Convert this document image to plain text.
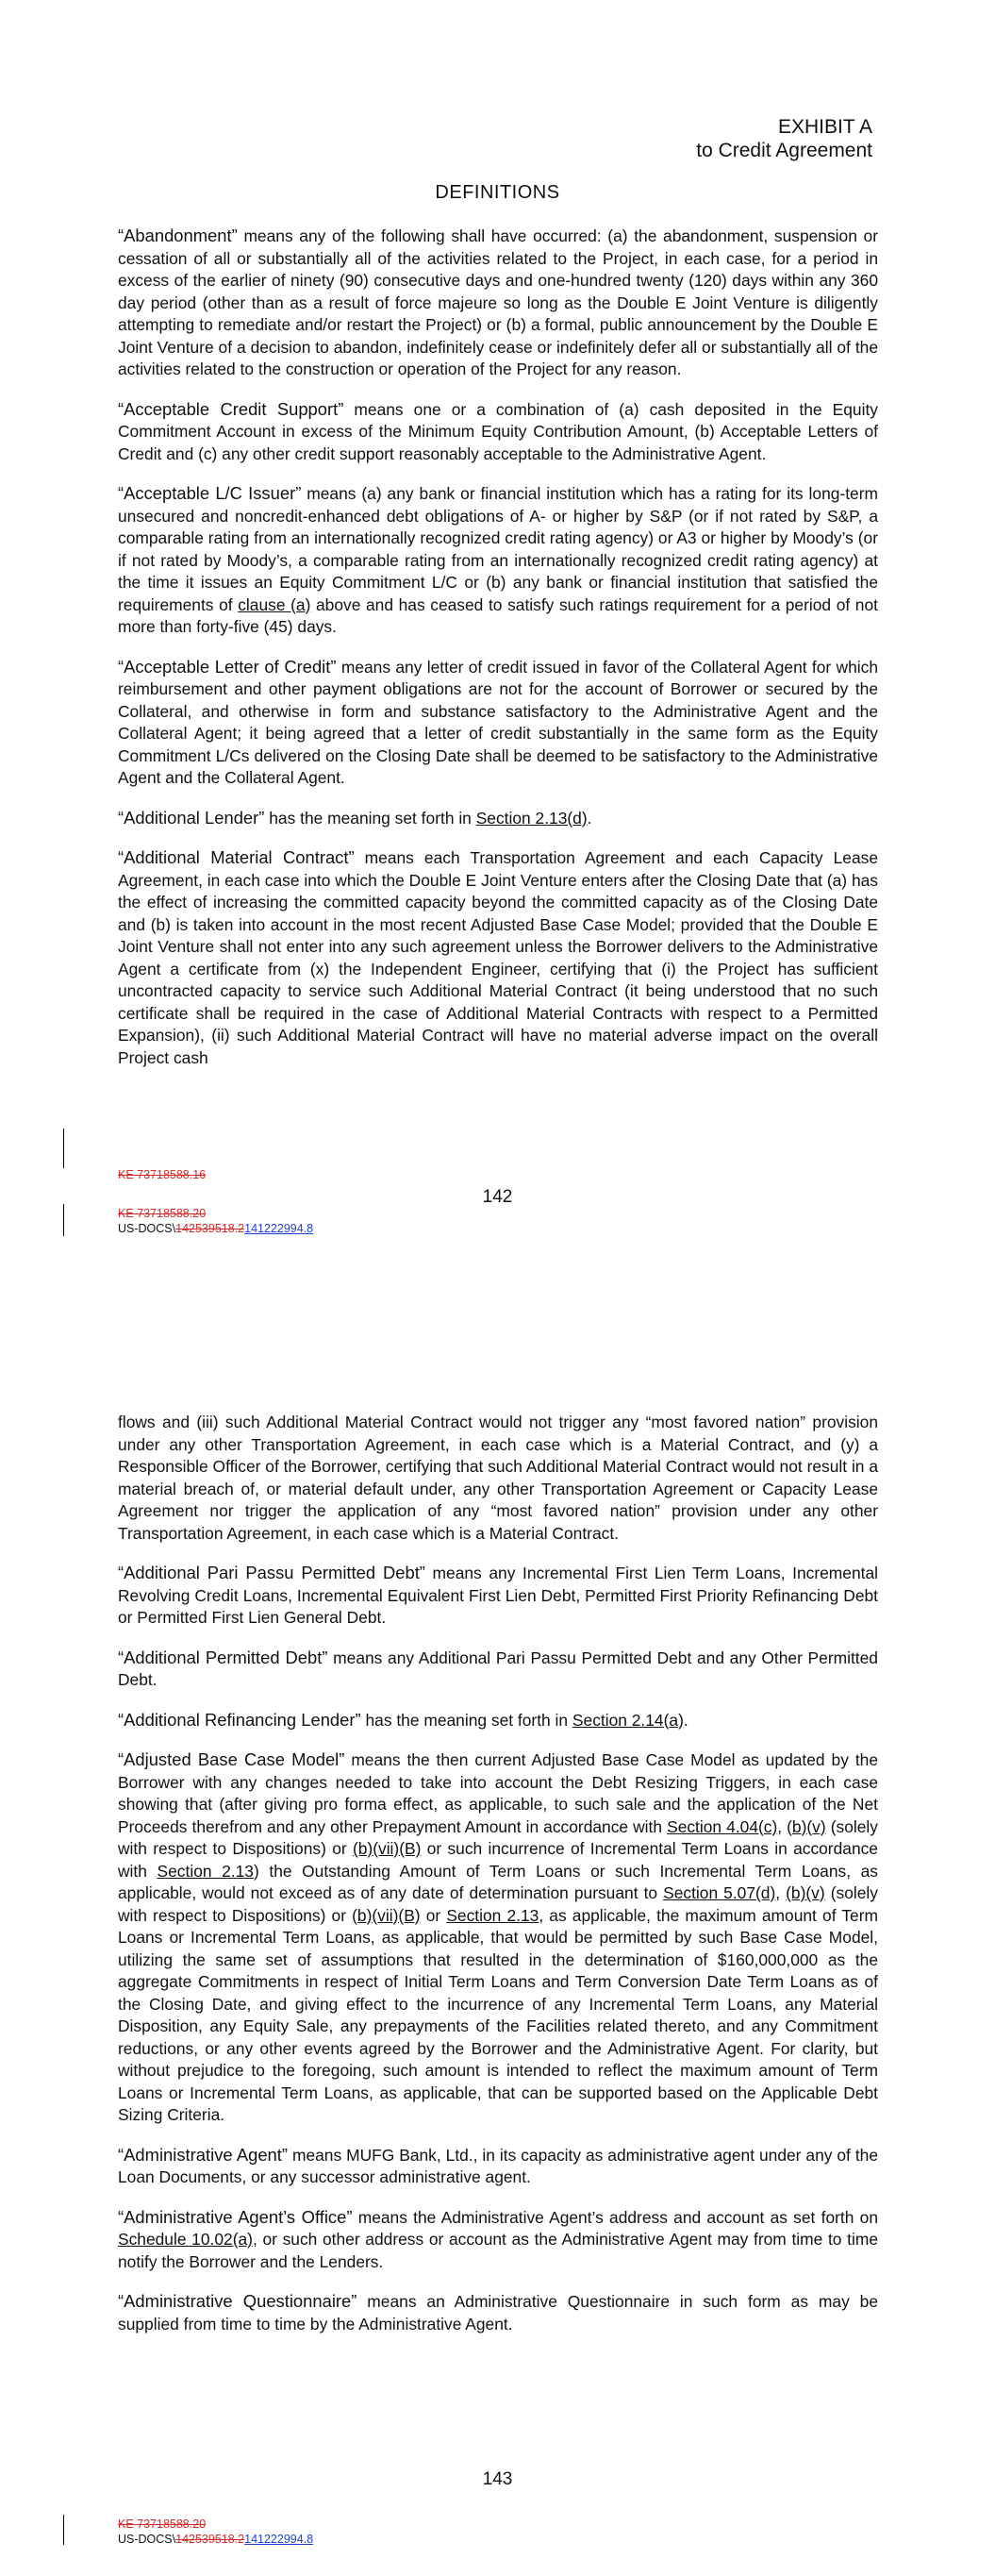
EXHIBIT A
to Credit Agreement
DEFINITIONS

“Abandonment” means any of the following shall have occurred: (a) the abandonment, suspension or cessation of all or substantially all of the activities related to the Project, in each case, for a period in excess of the earlier of ninety (90) consecutive days and one-hundred twenty (120) days within any 360 day period (other than as a result of force majeure so long as the Double E Joint Venture is diligently attempting to remediate and/or restart the Project) or (b) a formal, public announcement by the Double E Joint Venture of a decision to abandon, indefinitely cease or indefinitely defer all or substantially all of the activities related to the construction or operation of the Project for any reason.

“Acceptable Credit Support” means one or a combination of (a) cash deposited in the Equity Commitment Account in excess of the Minimum Equity Contribution Amount, (b) Acceptable Letters of Credit and (c) any other credit support reasonably acceptable to the Administrative Agent.

“Acceptable L/C Issuer” means (a) any bank or financial institution which has a rating for its long-term unsecured and noncredit-enhanced debt obligations of A- or higher by S&P (or if not rated by S&P, a comparable rating from an internationally recognized credit rating agency) or A3 or higher by Moody’s (or if not rated by Moody’s, a comparable rating from an internationally recognized credit rating agency) at the time it issues an Equity Commitment L/C or (b) any bank or financial institution that satisfied the requirements of clause (a) above and has ceased to satisfy such ratings requirement for a period of not more than forty-five (45) days.

“Acceptable Letter of Credit” means any letter of credit issued in favor of the Collateral Agent for which reimbursement and other payment obligations are not for the account of Borrower or secured by the Collateral, and otherwise in form and substance satisfactory to the Administrative Agent and the Collateral Agent; it being agreed that a letter of credit substantially in the same form as the Equity Commitment L/Cs delivered on the Closing Date shall be deemed to be satisfactory to the Administrative Agent and the Collateral Agent.

“Additional Lender” has the meaning set forth in Section 2.13(d).

“Additional Material Contract” means each Transportation Agreement and each Capacity Lease Agreement, in each case into which the Double E Joint Venture enters after the Closing Date that (a) has the effect of increasing the committed capacity beyond the committed capacity as of the Closing Date and (b) is taken into account in the most recent Adjusted Base Case Model; provided that the Double E Joint Venture shall not enter into any such agreement unless the Borrower delivers to the Administrative Agent a certificate from (x) the Independent Engineer, certifying that (i) the Project has sufficient uncontracted capacity to service such Additional Material Contract (it being understood that no such certificate shall be required in the case of Additional Material Contracts with respect to a Permitted Expansion), (ii) such Additional Material Contract will have no material adverse impact on the overall Project cash

KE 73718588.16
142
KE 73718588.20
US-DOCS\142539518.2141222994.8

flows and (iii) such Additional Material Contract would not trigger any “most favored nation” provision under any other Transportation Agreement, in each case which is a Material Contract, and (y) a Responsible Officer of the Borrower, certifying that such Additional Material Contract would not result in a material breach of, or material default under, any other Transportation Agreement or Capacity Lease Agreement nor trigger the application of any “most favored nation” provision under any other Transportation Agreement, in each case which is a Material Contract.

“Additional Pari Passu Permitted Debt” means any Incremental First Lien Term Loans, Incremental Revolving Credit Loans, Incremental Equivalent First Lien Debt, Permitted First Priority Refinancing Debt or Permitted First Lien General Debt.

“Additional Permitted Debt” means any Additional Pari Passu Permitted Debt and any Other Permitted Debt.

“Additional Refinancing Lender” has the meaning set forth in Section 2.14(a).

“Adjusted Base Case Model” means the then current Adjusted Base Case Model as updated by the Borrower with any changes needed to take into account the Debt Resizing Triggers, in each case showing that (after giving pro forma effect, as applicable, to such sale and the application of the Net Proceeds therefrom and any other Prepayment Amount in accordance with Section 4.04(c), (b)(v) (solely with respect to Dispositions) or (b)(vii)(B) or such incurrence of Incremental Term Loans in accordance with Section 2.13) the Outstanding Amount of Term Loans or such Incremental Term Loans, as applicable, would not exceed as of any date of determination pursuant to Section 5.07(d), (b)(v) (solely with respect to Dispositions) or (b)(vii)(B) or Section 2.13, as applicable, the maximum amount of Term Loans or Incremental Term Loans, as applicable, that would be permitted by such Base Case Model, utilizing the same set of assumptions that resulted in the determination of $160,000,000 as the aggregate Commitments in respect of Initial Term Loans and Term Conversion Date Term Loans as of the Closing Date, and giving effect to the incurrence of any Incremental Term Loans, any Material Disposition, any Equity Sale, any prepayments of the Facilities related thereto, and any Commitment reductions, or any other events agreed by the Borrower and the Administrative Agent. For clarity, but without prejudice to the foregoing, such amount is intended to reflect the maximum amount of Term Loans or Incremental Term Loans, as applicable, that can be supported based on the Applicable Debt Sizing Criteria.

“Administrative Agent” means MUFG Bank, Ltd., in its capacity as administrative agent under any of the Loan Documents, or any successor administrative agent.

“Administrative Agent’s Office” means the Administrative Agent’s address and account as set forth on Schedule 10.02(a), or such other address or account as the Administrative Agent may from time to time notify the Borrower and the Lenders.

“Administrative Questionnaire” means an Administrative Questionnaire in such form as may be supplied from time to time by the Administrative Agent.

143
KE 73718588.20
US-DOCS\142539518.2141222994.8
